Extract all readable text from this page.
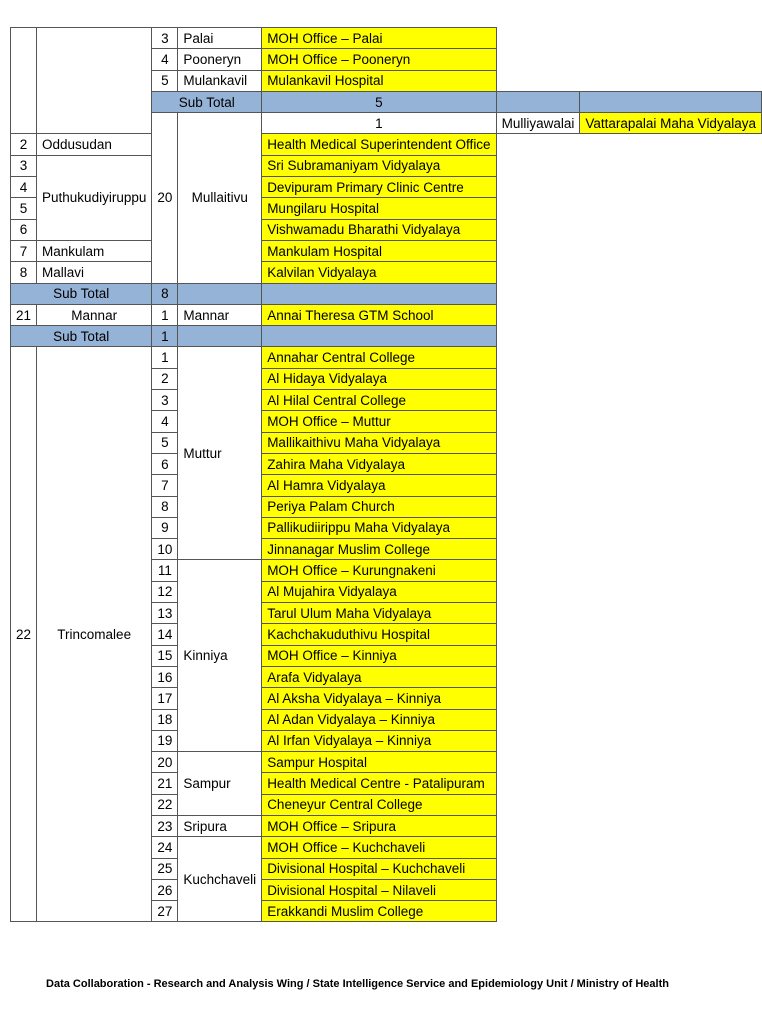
		3	Palai	MOH Office – Palai		
		4	Pooneryn	MOH Office – Pooneryn		
		5	Mulankavil	Mulankavil Hospital		
		Sub Total		5		
		20	Mullaitivu	1	Mulliyawalai	Vattarapalai Maha Vidyalaya
2	Oddusudan			Health Medical Superintendent Office		
3	Puthukudiyiruppu			Sri Subramaniyam Vidyalaya		
4				Devipuram Primary Clinic Centre		
5				Mungilaru Hospital		
6				Vishwamadu Bharathi Vidyalaya		
7	Mankulam			Mankulam Hospital		
8	Mallavi			Kalvilan Vidyalaya		
Sub Total		8				
21	Mannar	1	Mannar	Annai Theresa GTM School		
Sub Total		1				
22	Trincomalee	1	Muttur	Annahar Central College		
		2		Al Hidaya Vidyalaya		
		3		Al Hilal Central College		
		4		MOH Office – Muttur		
		5		Mallikaithivu Maha Vidyalaya		
		6		Zahira Maha Vidyalaya		
		7		Al Hamra Vidyalaya		
		8		Periya Palam Church		
		9		Pallikudiirippu Maha Vidyalaya		
		10		Jinnanagar Muslim College		
		11	Kinniya	MOH Office – Kurungnakeni		
		12		Al Mujahira Vidyalaya		
		13		Tarul Ulum Maha Vidyalaya		
		14		Kachchakuduthivu Hospital		
		15		MOH Office – Kinniya		
		16		Arafa Vidyalaya		
		17		Al Aksha Vidyalaya – Kinniya		
		18		Al Adan Vidyalaya – Kinniya		
		19		Al Irfan Vidyalaya – Kinniya		
		20	Sampur	Sampur Hospital		
		21		Health Medical Centre - Patalipuram		
		22		Cheneyur Central College		
		23	Sripura	MOH Office – Sripura		
		24	Kuchchaveli	MOH Office – Kuchchaveli		
		25		Divisional Hospital – Kuchchaveli		
		26		Divisional Hospital – Nilaveli		
		27		Erakkandi Muslim College		
Data Collaboration - Research and Analysis Wing / State Intelligence Service and Epidemiology Unit / Ministry of Health
